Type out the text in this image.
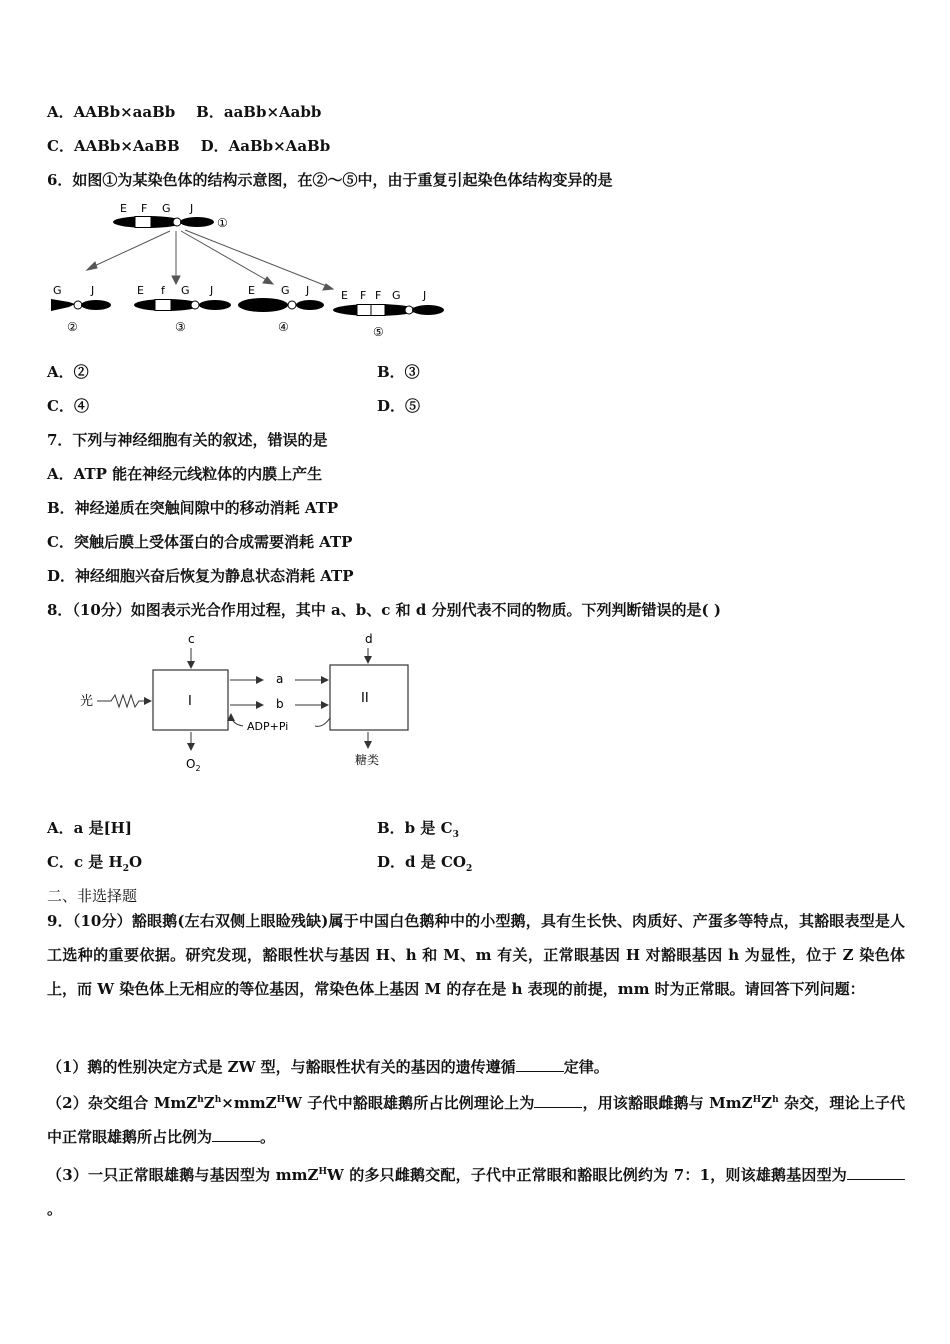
A．AABb×aaBb B．aaBb×Aabb
C．AABb×AaBB D．AaBb×AaBb
6．如图①为某染色体的结构示意图，在②～⑤中，由于重复引起染色体结构变异的是
E F G J
①
G	J
②
E f G J
③
E G J
④
E F F G J
⑤
A．②	B．③
C．④	D．⑤
7．下列与神经细胞有关的叙述，错误的是
A．ATP 能在神经元线粒体的内膜上产生
B．神经递质在突触间隙中的移动消耗 ATP
C．突触后膜上受体蛋白的合成需要消耗 ATP
D．神经细胞兴奋后恢复为静息状态消耗 ATP
8．（10分）如图表示光合作用过程，其中 a、b、c 和 d 分别代表不同的物质。下列判断错误的是( )
光	I	II
c	d
a
b
ADP+Pi
$O_2$
糖类
A．a 是[H]	B．b 是 $C_3$
C．c 是 $H_2O$	D．d 是 $CO_2$
二、非选择题
9．（10分）豁眼鹅(左右双侧上眼睑残缺)属于中国白色鹅种中的小型鹅，具有生长快、肉质好、产蛋多等特点，其豁眼表型是人工选种的重要依据。研究发现，豁眼性状与基因 H、h 和 M、m 有关，正常眼基因 H 对豁眼基因 h 为显性，位于 Z 染色体上，而 W 染色体上无相应的等位基因，常染色体上基因 M 的存在是 h 表现的前提，mm 时为正常眼。请回答下列问题：
（1）鹅的性别决定方式是 ZW 型，与豁眼性状有关的基因的遗传遵循	定律。
（2）杂交组合 $MmZ^hZ^h\times mmZ^HW$ 子代中豁眼雄鹅所占比例理论上为	，用该豁眼雌鹅与 $MmZ^HZ^h$ 杂交，理论上子代中正常眼雄鹅所占比例为	。
（3）一只正常眼雄鹅与基因型为 mmZ$^H$W 的多只雌鹅交配，子代中正常眼和豁眼比例约为 7：1，则该雄鹅基因型为。
